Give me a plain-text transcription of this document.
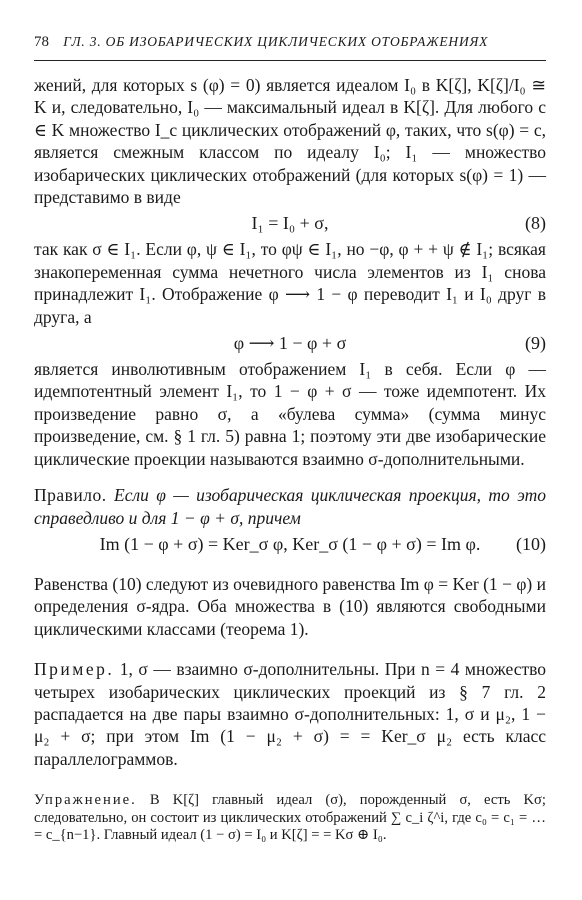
78 ГЛ. 3. ОБ ИЗОБАРИЧЕСКИХ ЦИКЛИЧЕСКИХ ОТОБРАЖЕНИЯХ

жений, для которых s (φ) = 0) является идеалом I₀ в K[ζ], K[ζ]/I₀ ≅ K и, следовательно, I₀ — максимальный идеал в K[ζ]. Для любого c ∈ K множество I_c циклических отображений φ, таких, что s(φ) = c, является смежным классом по идеалу I₀; I₁ — множество изобарических циклических отображений (для которых s(φ) = 1) — представимо в виде

I₁ = I₀ + σ,	(8)

так как σ ∈ I₁. Если φ, ψ ∈ I₁, то φψ ∈ I₁, но −φ, φ + + ψ ∉ I₁; всякая знакопеременная сумма нечетного числа элементов из I₁ снова принадлежит I₁. Отображение φ ⟶ 1 − φ переводит I₁ и I₀ друг в друга, а

φ ⟶ 1 − φ + σ	(9)

является инволютивным отображением I₁ в себя. Если φ — идемпотентный элемент I₁, то 1 − φ + σ — тоже идемпотент. Их произведение равно σ, а «булева сумма» (сумма минус произведение, см. § 1 гл. 5) равна 1; поэтому эти две изобарические циклические проекции называются взаимно σ-дополнительными.

Правило. Если φ — изобарическая циклическая проекция, то это справедливо и для 1 − φ + σ, причем

Im (1 − φ + σ) = Ker_σ φ, Ker_σ (1 − φ + σ) = Im φ. (10)

Равенства (10) следуют из очевидного равенства Im φ = Ker (1 − φ) и определения σ-ядра. Оба множества в (10) являются свободными циклическими классами (теорема 1).

Пример. 1, σ — взаимно σ-дополнительны. При n = 4 множество четырех изобарических циклических проекций из § 7 гл. 2 распадается на две пары взаимно σ-дополнительных: 1, σ и μ₂, 1 − μ₂ + σ; при этом Im (1 − μ₂ + σ) = = Ker_σ μ₂ есть класс параллелограммов.

Упражнение. В K[ζ] главный идеал (σ), порожденный σ, есть Kσ; следовательно, он состоит из циклических отображений ∑ c_i ζ^i, где c₀ = c₁ = … = c_{n−1}. Главный идеал (1 − σ) = I₀ и K[ζ] = = Kσ ⊕ I₀.
